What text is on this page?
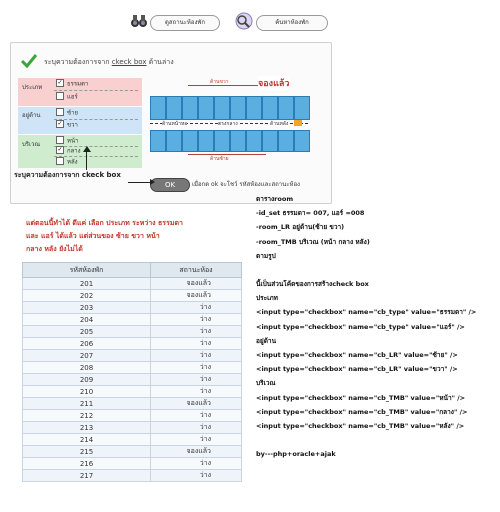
ดูสถานะห้องพัก	ค้นหาห้องพัก
ระบุความต้องการจาก ckeck box ด้านล่าง
ประเภท
✓ ธรรมดา
แอร์
อยู่ด้าน	ซ้าย
✓ ขวา
บริเวณ	หน้า
✓ กลาง
หลัง
ด้านขวา
ด้านหน้าหอ	ตรงกลาง	ด้านหลัง
ด้านซ้าย
จองแล้ว
OK	เมื่อกด ok จะโชว์ รหัสห้องและสถานะห้อง
ระบุความต้องการจาก ckeck box
แต่ตอนนี้ทำได้ ดีแค่ เลือก ประเภท ระหว่าง ธรรมดา
และ แอร์ ได้แล้ว แต่ส่วนของ ซ้าย ขวา หน้า
กลาง หลัง ยังไม่ได้
รหัสห้องพัก	สถานะห้อง
201	จองแล้ว
202	จองแล้ว
203	ว่าง
204	ว่าง
205	ว่าง
206	ว่าง
207	ว่าง
208	ว่าง
209	ว่าง
210	ว่าง
211	จองแล้ว
212	ว่าง
213	ว่าง
214	ว่าง
215	จองแล้ว
216	ว่าง
217	ว่าง
ตารางroom
-id_set ธรรมดา= 007, แอร์ =008
-room_LR อยู่ด้าน(ซ้าย ขวา)
-room_TMB บริเวณ (หน้า กลาง หลัง)
ตามรูป
นี้เป็นส่วนโค้ดของการสร้างcheck box
ประเภท
<input type="checkbox" name="cb_type" value="ธรรมดา" />
<input type="checkbox" name="cb_type" value="แอร์" />
อยู่ด้าน
<input type="checkbox" name="cb_LR" value="ซ้าย" />
<input type="checkbox" name="cb_LR" value="ขวา" />
บริเวณ
<input type="checkbox" name="cb_TMB" value="หน้า" />
<input type="checkbox" name="cb_TMB" value="กลาง" />
<input type="checkbox" name="cb_TMB" value="หลัง" />
by---php+oracle+ajak
